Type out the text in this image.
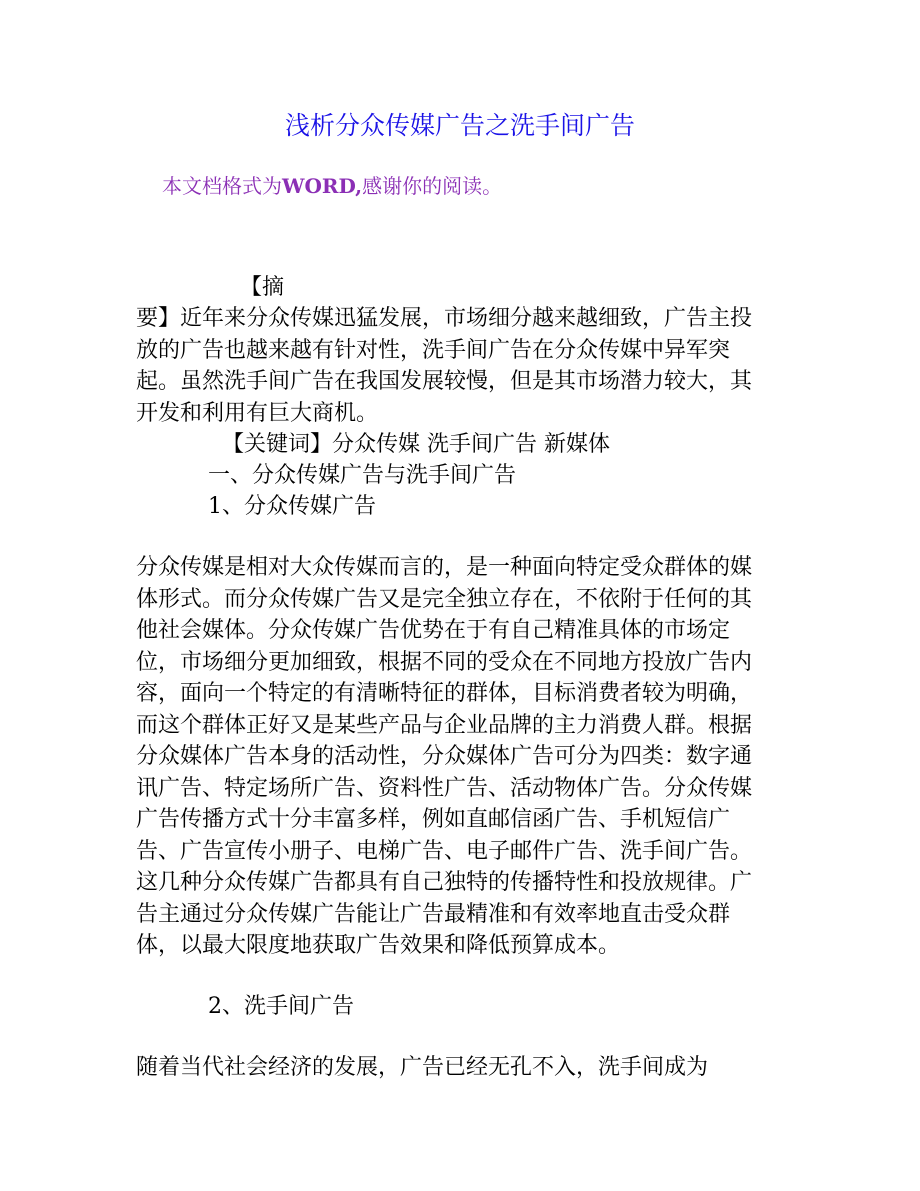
浅析分众传媒广告之洗手间广告
本文档格式为WORD,感谢你的阅读。
【摘

要】近年来分众传媒迅猛发展，市场细分越来越细致，广告主投放的广告也越来越有针对性，洗手间广告在分众传媒中异军突起。虽然洗手间广告在我国发展较慢，但是其市场潜力较大，其开发和利用有巨大商机。

【关键词】分众传媒 洗手间广告 新媒体
一、分众传媒广告与洗手间广告
1、分众传媒广告

分众传媒是相对大众传媒而言的，是一种面向特定受众群体的媒体形式。而分众传媒广告又是完全独立存在，不依附于任何的其他社会媒体。分众传媒广告优势在于有自己精准具体的市场定位，市场细分更加细致，根据不同的受众在不同地方投放广告内容，面向一个特定的有清晰特征的群体，目标消费者较为明确，而这个群体正好又是某些产品与企业品牌的主力消费人群。根据分众媒体广告本身的活动性，分众媒体广告可分为四类：数字通讯广告、特定场所广告、资料性广告、活动物体广告。分众传媒广告传播方式十分丰富多样，例如直邮信函广告、手机短信广告、广告宣传小册子、电梯广告、电子邮件广告、洗手间广告。这几种分众传媒广告都具有自己独特的传播特性和投放规律。广告主通过分众传媒广告能让广告最精准和有效率地直击受众群体，以最大限度地获取广告效果和降低预算成本。

2、洗手间广告

随着当代社会经济的发展，广告已经无孔不入，洗手间成为
